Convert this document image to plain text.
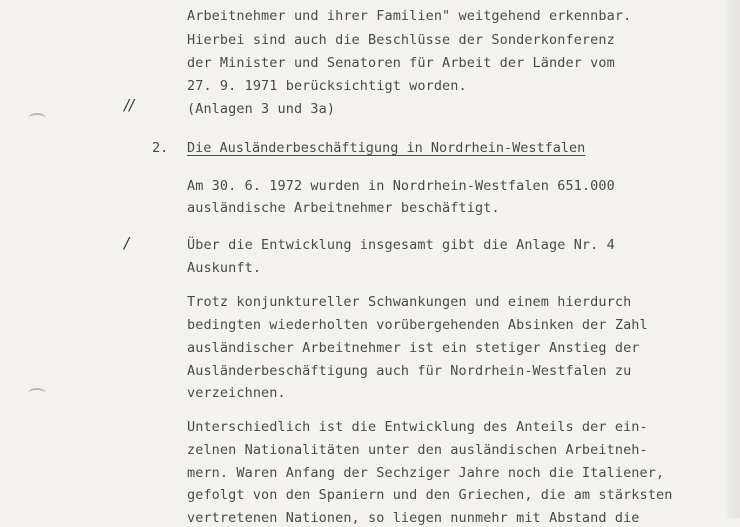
Arbeitnehmer und ihrer Familien" weitgehend erkennbar.
Hierbei sind auch die Beschlüsse der Sonderkonferenz
der Minister und Senatoren für Arbeit der Länder vom
27. 9. 1971 berücksichtigt worden.
(Anlagen 3 und 3a)
//
2. Die Ausländerbeschäftigung in Nordrhein-Westfalen
Am 30. 6. 1972 wurden in Nordrhein-Westfalen 651.000
ausländische Arbeitnehmer beschäftigt.
/	Über die Entwicklung insgesamt gibt die Anlage Nr. 4
Auskunft.
Trotz konjunktureller Schwankungen und einem hierdurch
bedingten wiederholten vorübergehenden Absinken der Zahl
ausländischer Arbeitnehmer ist ein stetiger Anstieg der
Ausländerbeschäftigung auch für Nordrhein-Westfalen zu
verzeichnen.
Unterschiedlich ist die Entwicklung des Anteils der ein-
zelnen Nationalitäten unter den ausländischen Arbeitneh-
mern. Waren Anfang der Sechziger Jahre noch die Italiener,
gefolgt von den Spaniern und den Griechen, die am stärksten
vertretenen Nationen, so liegen nunmehr mit Abstand die
